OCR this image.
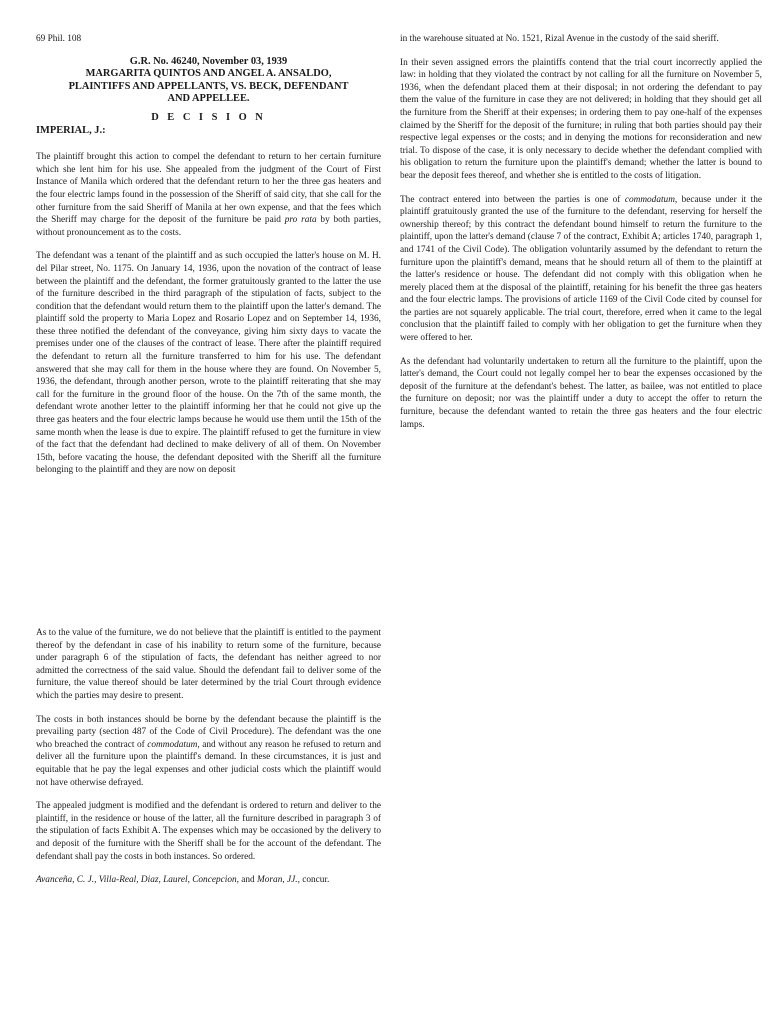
69 Phil. 108
G.R. No. 46240, November 03, 1939
MARGARITA QUINTOS AND ANGEL A. ANSALDO,
PLAINTIFFS AND APPELLANTS, VS. BECK, DEFENDANT
AND APPELLEE.
D E C I S I O N
IMPERIAL, J.:

The plaintiff brought this action to compel the defendant to return to her certain furniture which she lent him for his use. She appealed from the judgment of the Court of First Instance of Manila which ordered that the defendant return to her the three gas heaters and the four electric lamps found in the possession of the Sheriff of said city, that she call for the other furniture from the said Sheriff of Manila at her own expense, and that the fees which the Sheriff may charge for the deposit of the furniture be paid pro rata by both parties, without pronouncement as to the costs.

The defendant was a tenant of the plaintiff and as such occupied the latter's house on M. H. del Pilar street, No. 1175. On January 14, 1936, upon the novation of the contract of lease between the plaintiff and the defendant, the former gratuitously granted to the latter the use of the furniture described in the third paragraph of the stipulation of facts, subject to the condition that the defendant would return them to the plaintiff upon the latter's demand. The plaintiff sold the property to Maria Lopez and Rosario Lopez and on September 14, 1936, these three notified the defendant of the conveyance, giving him sixty days to vacate the premises under one of the clauses of the contract of lease. There after the plaintiff required the defendant to return all the furniture transferred to him for his use. The defendant answered that she may call for them in the house where they are found. On November 5, 1936, the defendant, through another person, wrote to the plaintiff reiterating that she may call for the furniture in the ground floor of the house. On the 7th of the same month, the defendant wrote another letter to the plaintiff informing her that he could not give up the three gas heaters and the four electric lamps because he would use them until the 15th of the same month when the lease is due to expire. The plaintiff refused to get the furniture in view of the fact that the defendant had declined to make delivery of all of them. On November 15th, before vacating the house, the defendant deposited with the Sheriff all the furniture belonging to the plaintiff and they are now on deposit

in the warehouse situated at No. 1521, Rizal Avenue in the custody of the said sheriff.

In their seven assigned errors the plaintiffs contend that the trial court incorrectly applied the law: in holding that they violated the contract by not calling for all the furniture on November 5, 1936, when the defendant placed them at their disposal; in not ordering the defendant to pay them the value of the furniture in case they are not delivered; in holding that they should get all the furniture from the Sheriff at their expenses; in ordering them to pay one-half of the expenses claimed by the Sheriff for the deposit of the furniture; in ruling that both parties should pay their respective legal expenses or the costs; and in denying the motions for reconsideration and new trial. To dispose of the case, it is only necessary to decide whether the defendant complied with his obligation to return the furniture upon the plaintiff's demand; whether the latter is bound to bear the deposit fees thereof, and whether she is entitled to the costs of litigation.

The contract entered into between the parties is one of commodatum, because under it the plaintiff gratuitously granted the use of the furniture to the defendant, reserving for herself the ownership thereof; by this contract the defendant bound himself to return the furniture to the plaintiff, upon the latter's demand (clause 7 of the contract, Exhibit A; articles 1740, paragraph 1, and 1741 of the Civil Code). The obligation voluntarily assumed by the defendant to return the furniture upon the plaintiff's demand, means that he should return all of them to the plaintiff at the latter's residence or house. The defendant did not comply with this obligation when he merely placed them at the disposal of the plaintiff, retaining for his benefit the three gas heaters and the four electric lamps. The provisions of article 1169 of the Civil Code cited by counsel for the parties are not squarely applicable. The trial court, therefore, erred when it came to the legal conclusion that the plaintiff failed to comply with her obligation to get the furniture when they were offered to her.

As the defendant had voluntarily undertaken to return all the furniture to the plaintiff, upon the latter's demand, the Court could not legally compel her to bear the expenses occasioned by the deposit of the furniture at the defendant's behest. The latter, as bailee, was not entitled to place the furniture on deposit; nor was the plaintiff under a duty to accept the offer to return the furniture, because the defendant wanted to retain the three gas heaters and the four electric lamps.

As to the value of the furniture, we do not believe that the plaintiff is entitled to the payment thereof by the defendant in case of his inability to return some of the furniture, because under paragraph 6 of the stipulation of facts, the defendant has neither agreed to nor admitted the correctness of the said value. Should the defendant fail to deliver some of the furniture, the value thereof should be later determined by the trial Court through evidence which the parties may desire to present.

The costs in both instances should be borne by the defendant because the plaintiff is the prevailing party (section 487 of the Code of Civil Procedure). The defendant was the one who breached the contract of commodatum, and without any reason he refused to return and deliver all the furniture upon the plaintiff's demand. In these circumstances, it is just and equitable that he pay the legal expenses and other judicial costs which the plaintiff would not have otherwise defrayed.

The appealed judgment is modified and the defendant is ordered to return and deliver to the plaintiff, in the residence or house of the latter, all the furniture described in paragraph 3 of the stipulation of facts Exhibit A. The expenses which may be occasioned by the delivery to and deposit of the furniture with the Sheriff shall be for the account of the defendant. The defendant shall pay the costs in both instances. So ordered.

Avanceña, C. J., Villa-Real, Diaz, Laurel, Concepcion, and Moran, JJ., concur.
